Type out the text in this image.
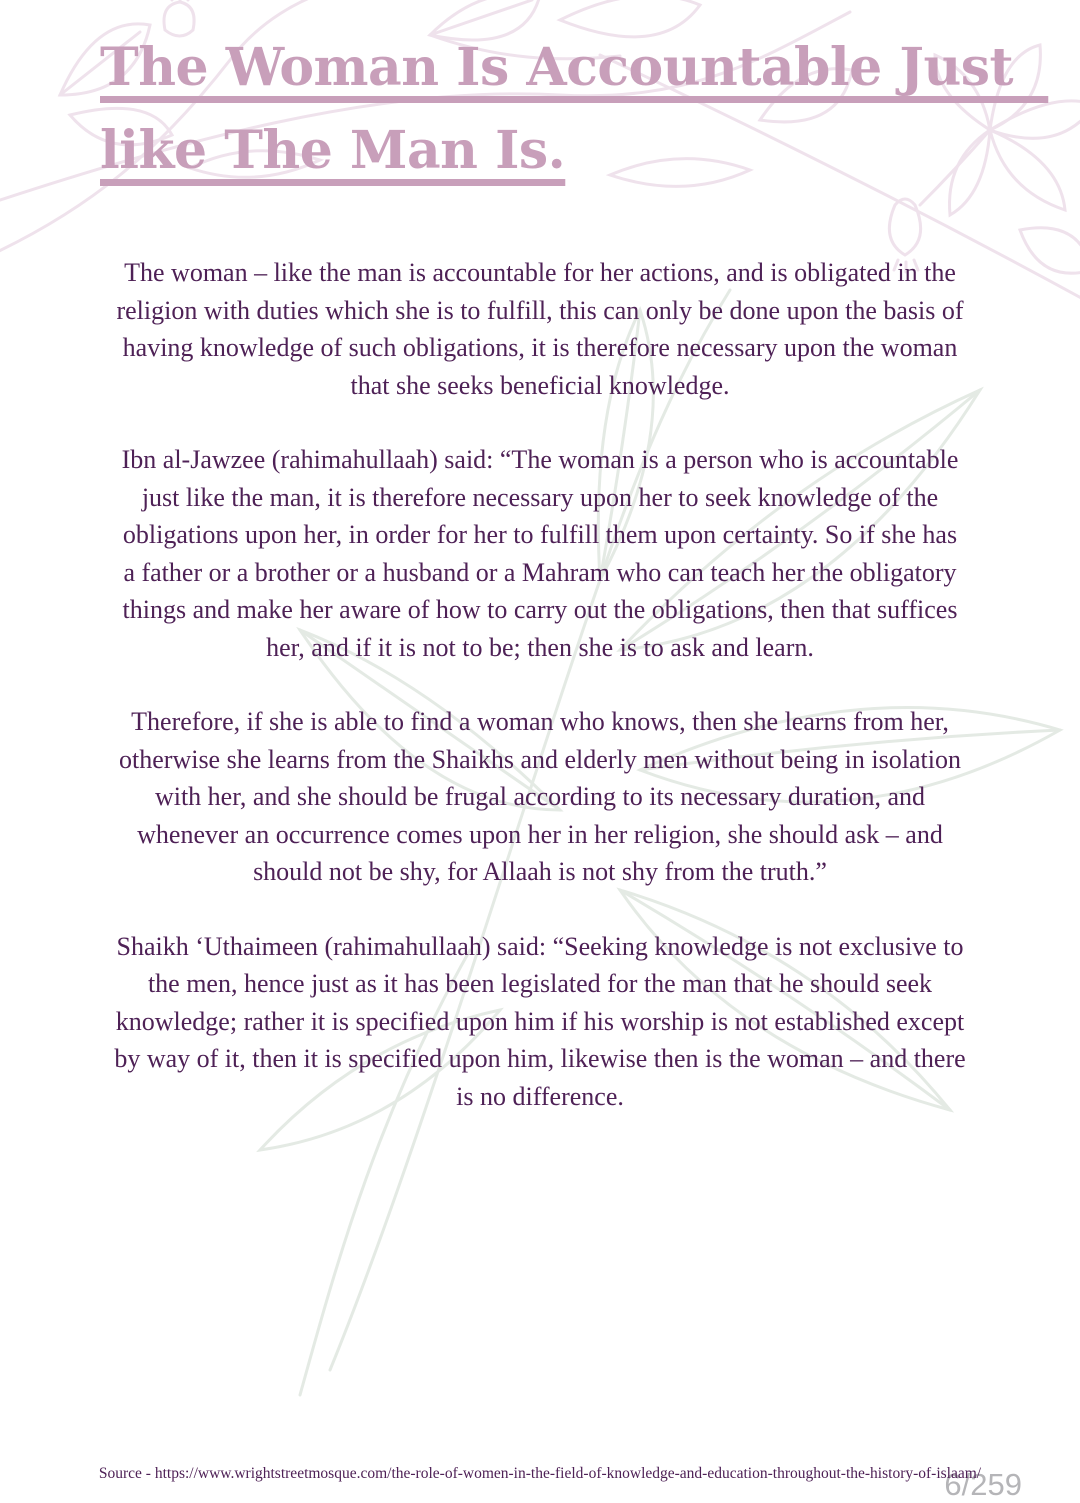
The Woman Is Accountable Just
like The Man Is.

The woman – like the man is accountable for her actions, and is obligated in the religion with duties which she is to fulfill, this can only be done upon the basis of having knowledge of such obligations, it is therefore necessary upon the woman that she seeks beneficial knowledge.

Ibn al-Jawzee (rahimahullaah) said: “The woman is a person who is accountable just like the man, it is therefore necessary upon her to seek knowledge of the obligations upon her, in order for her to fulfill them upon certainty. So if she has a father or a brother or a husband or a Mahram who can teach her the obligatory things and make her aware of how to carry out the obligations, then that suffices her, and if it is not to be; then she is to ask and learn.

Therefore, if she is able to find a woman who knows, then she learns from her, otherwise she learns from the Shaikhs and elderly men without being in isolation with her, and she should be frugal according to its necessary duration, and whenever an occurrence comes upon her in her religion, she should ask – and should not be shy, for Allaah is not shy from the truth.”

Shaikh ‘Uthaimeen (rahimahullaah) said: “Seeking knowledge is not exclusive to the men, hence just as it has been legislated for the man that he should seek knowledge; rather it is specified upon him if his worship is not established except by way of it, then it is specified upon him, likewise then is the woman – and there is no difference.

6/259
Source - https://www.wrightstreetmosque.com/the-role-of-women-in-the-field-of-knowledge-and-education-throughout-the-history-of-islaam/
